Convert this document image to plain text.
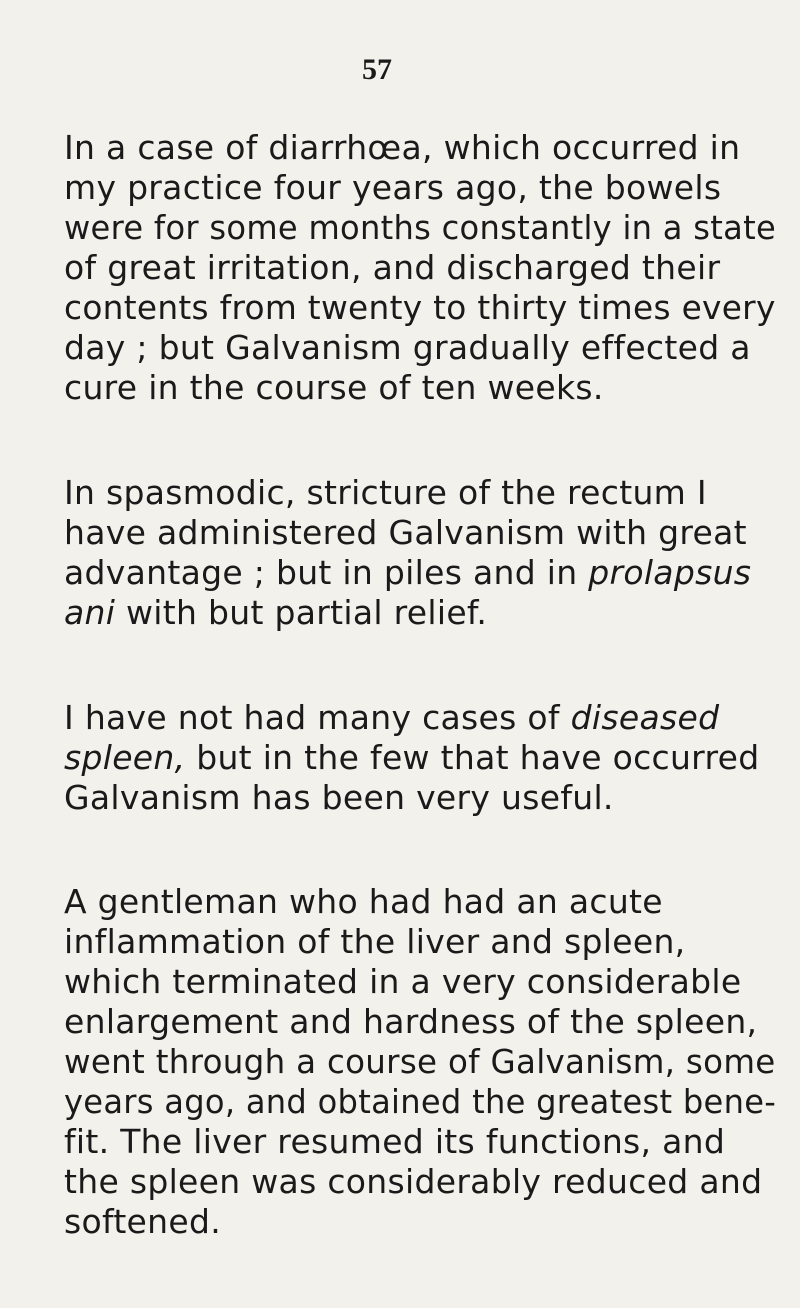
57
In a case of diarrhœa, which occurred in
my practice four years ago, the bowels
were for some months constantly in a state
of great irritation, and discharged their
contents from twenty to thirty times every
day ; but Galvanism gradually effected a
cure in the course of ten weeks.
In spasmodic, stricture of the rectum I
have administered Galvanism with great
advantage ; but in piles and in prolapsus
ani with but partial relief.
I have not had many cases of diseased
spleen, but in the few that have occurred
Galvanism has been very useful.
A gentleman who had had an acute
inflammation of the liver and spleen,
which terminated in a very considerable
enlargement and hardness of the spleen,
went through a course of Galvanism, some
years ago, and obtained the greatest bene-
fit. The liver resumed its functions, and
the spleen was considerably reduced and
softened.
